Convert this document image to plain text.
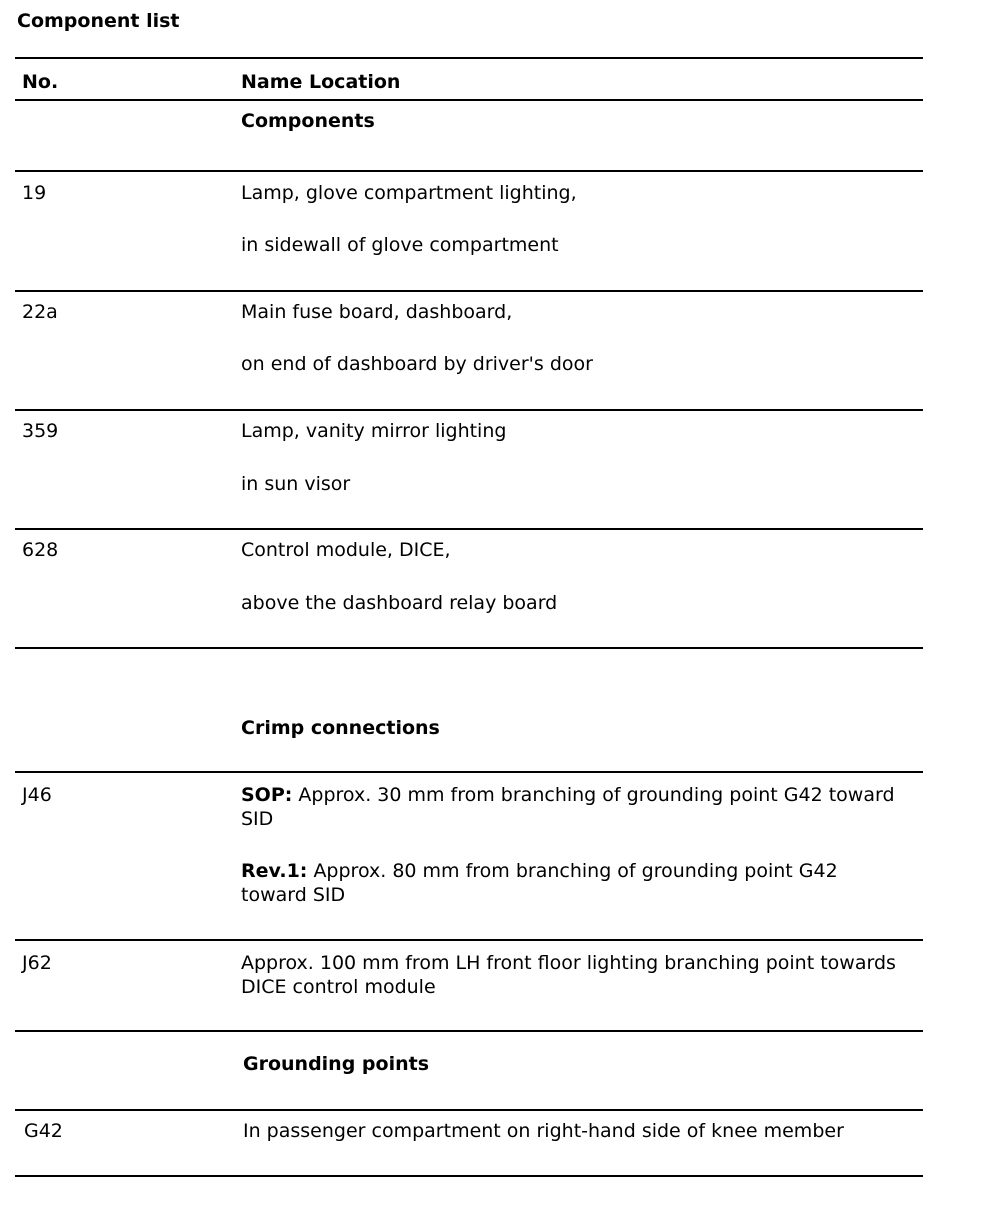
Component list
No.	Name Location
Components
19	Lamp, glove compartment lighting,
in sidewall of glove compartment
22a	Main fuse board, dashboard,
on end of dashboard by driver's door
359	Lamp, vanity mirror lighting
in sun visor
628	Control module, DICE,
above the dashboard relay board
Crimp connections
J46	SOP: Approx. 30 mm from branching of grounding point G42 toward SID
Rev.1: Approx. 80 mm from branching of grounding point G42 toward SID
J62	Approx. 100 mm from LH front floor lighting branching point towards DICE control module
Grounding points
G42	In passenger compartment on right-hand side of knee member
